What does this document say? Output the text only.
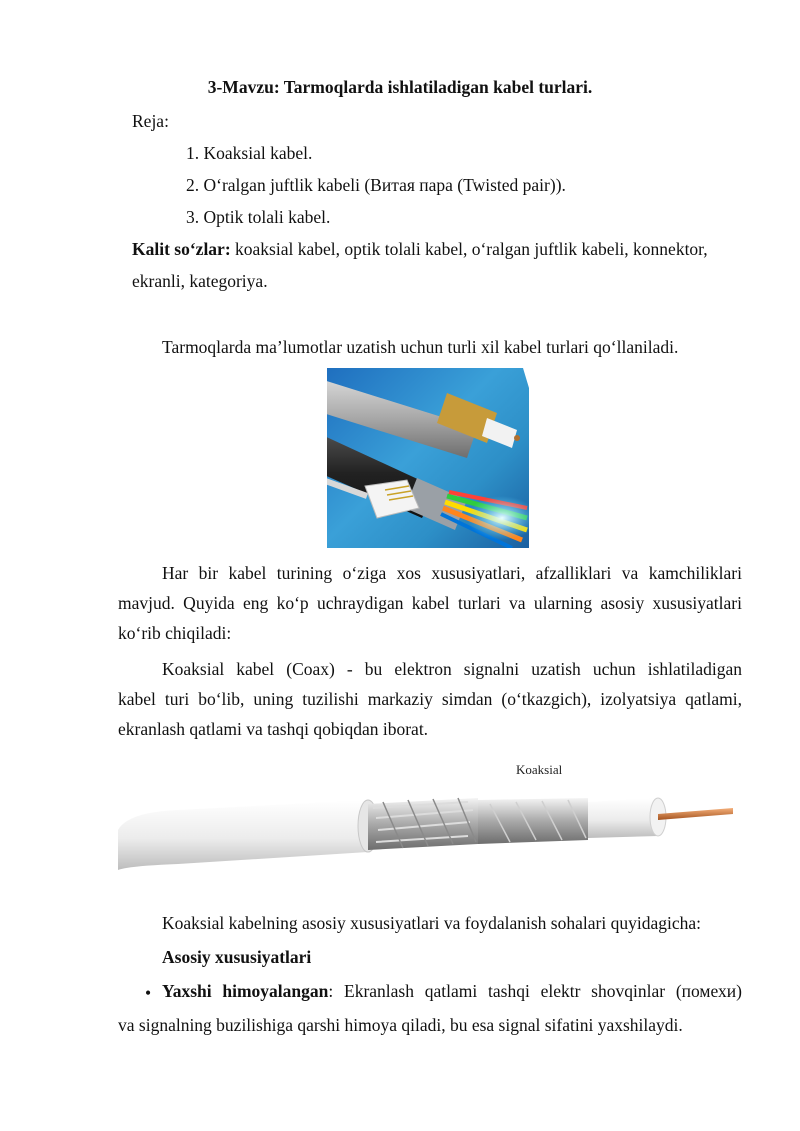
3-Mavzu: Tarmoqlarda ishlatiladigan kabel turlari.
Reja:
1. Koaksial kabel.
2. O‘ralgan juftlik kabeli (Витая пара (Twisted pair)).
3. Optik tolali kabel.
Kalit so‘zlar: koaksial kabel, optik tolali kabel, o‘ralgan juftlik kabeli, konnektor,
ekranli, kategoriya.
Tarmoqlarda ma’lumotlar uzatish uchun turli xil kabel turlari qo‘llaniladi.
Har bir kabel turining o‘ziga xos xususiyatlari, afzalliklari va kamchiliklari
mavjud. Quyida eng ko‘p uchraydigan kabel turlari va ularning asosiy xususiyatlari
ko‘rib chiqiladi:
Koaksial kabel (Coax) - bu elektron signalni uzatish uchun ishlatiladigan
kabel turi bo‘lib, uning tuzilishi markaziy simdan (o‘tkazgich), izolyatsiya qatlami,
ekranlash qatlami va tashqi qobiqdan iborat.
Koaksial
Koaksial kabelning asosiy xususiyatlari va foydalanish sohalari quyidagicha:
Asosiy xususiyatlari
• Yaxshi himoyalangan: Ekranlash qatlami tashqi elektr shovqinlar (помехи)
va signalning buzilishiga qarshi himoya qiladi, bu esa signal sifatini yaxshilaydi.
